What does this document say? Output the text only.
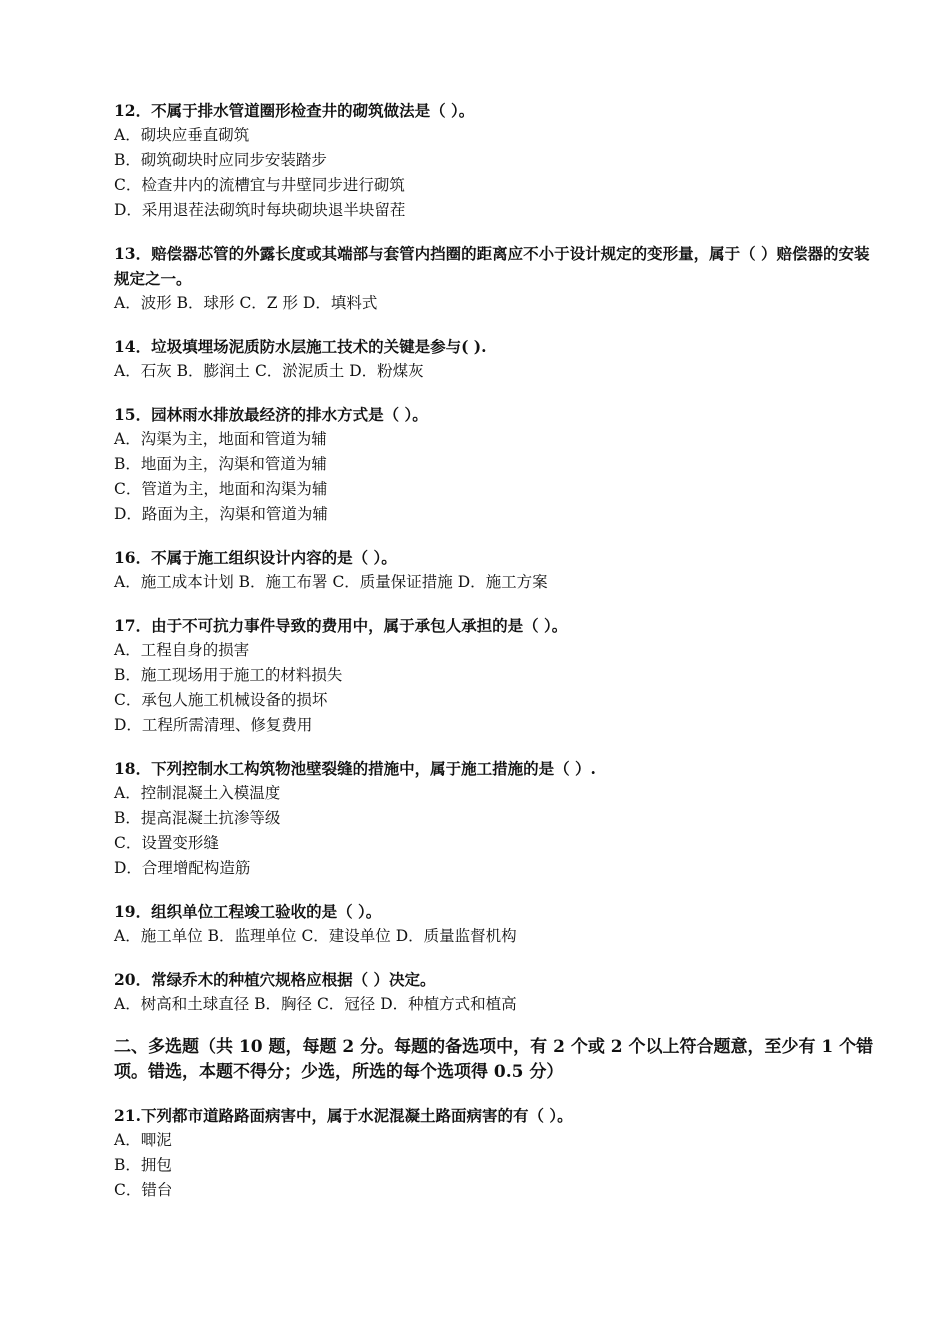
12．不属于排水管道圈形检查井的砌筑做法是（ ）。

A．砌块应垂直砌筑

B．砌筑砌块时应同步安装踏步

C．检查井内的流槽宜与井壁同步进行砌筑

D．采用退茬法砌筑时每块砌块退半块留茬

13．赔偿器芯管的外露长度或其端部与套管内挡圈的距离应不小于设计规定的变形量，属于（ ）赔偿器的安装规定之一。

A．波形 B．球形 C．Z 形 D．填料式

14．垃圾填埋场泥质防水层施工技术的关键是参与( ).

A．石灰 B．膨润土 C．淤泥质土 D．粉煤灰

15．园林雨水排放最经济的排水方式是（ ）。

A．沟渠为主，地面和管道为辅

B．地面为主，沟渠和管道为辅

C．管道为主，地面和沟渠为辅

D．路面为主，沟渠和管道为辅

16．不属于施工组织设计内容的是（ ）。

A．施工成本计划 B．施工布署 C．质量保证措施 D．施工方案

17．由于不可抗力事件导致的费用中，属于承包人承担的是（ ）。

A．工程自身的损害

B．施工现场用于施工的材料损失

C．承包人施工机械设备的损坏

D．工程所需清理、修复费用

18．下列控制水工构筑物池壁裂缝的措施中，属于施工措施的是（ ）.

A．控制混凝土入模温度

B．提高混凝土抗渗等级

C．设置变形缝

D．合理增配构造筋

19．组织单位工程竣工验收的是（ ）。

A．施工单位 B．监理单位 C．建设单位 D．质量监督机构

20．常绿乔木的种植穴规格应根据（ ）决定。

A．树高和土球直径 B．胸径 C．冠径 D．种植方式和植高

二、多选题（共 10 题，每题 2 分。每题的备选项中，有 2 个或 2 个以上符合题意，至少有 1 个错项。错选，本题不得分；少选，所选的每个选项得 0.5 分）

21.下列都市道路路面病害中，属于水泥混凝土路面病害的有（ ）。

A．唧泥

B．拥包

C．错台
